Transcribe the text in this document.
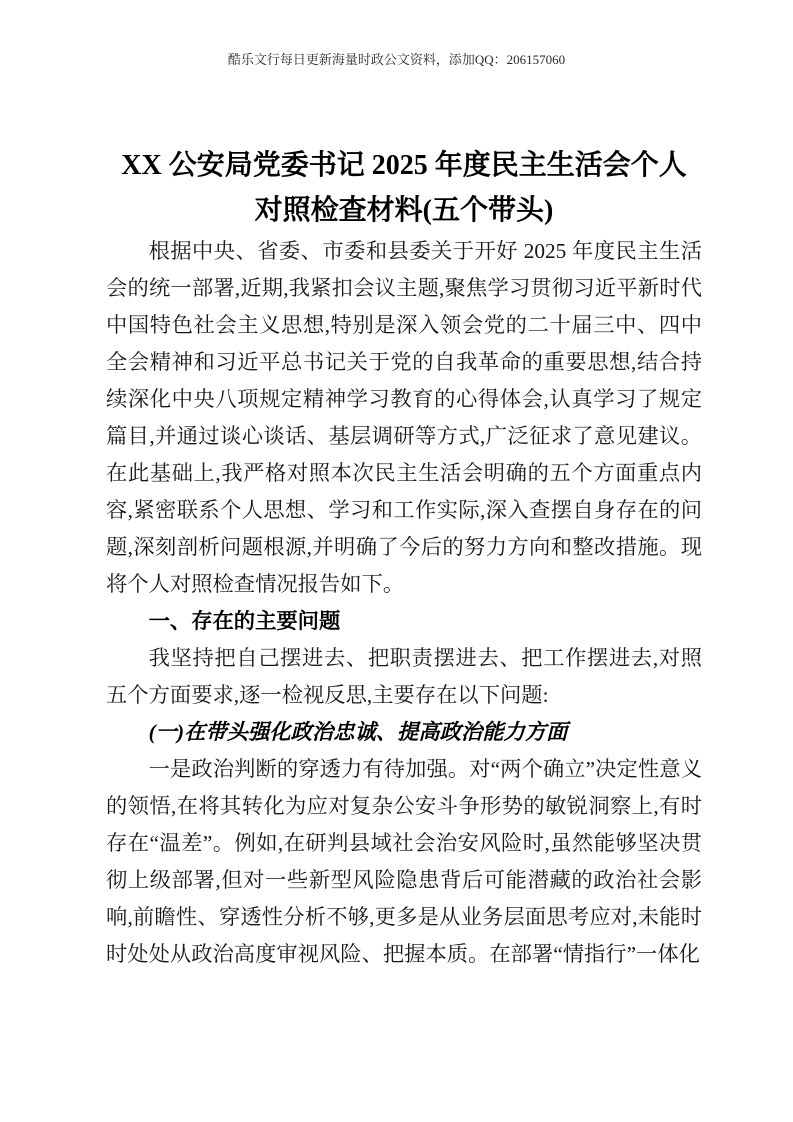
酷乐文行每日更新海量时政公文资料，添加QQ：206157060
XX 公安局党委书记 2025 年度民主生活会个人
对照检查材料(五个带头)

根据中央、省委、市委和县委关于开好 2025 年度民主生活会的统一部署,近期,我紧扣会议主题,聚焦学习贯彻习近平新时代中国特色社会主义思想,特别是深入领会党的二十届三中、四中全会精神和习近平总书记关于党的自我革命的重要思想,结合持续深化中央八项规定精神学习教育的心得体会,认真学习了规定篇目,并通过谈心谈话、基层调研等方式,广泛征求了意见建议。在此基础上,我严格对照本次民主生活会明确的五个方面重点内容,紧密联系个人思想、学习和工作实际,深入查摆自身存在的问题,深刻剖析问题根源,并明确了今后的努力方向和整改措施。现将个人对照检查情况报告如下。

一、存在的主要问题

我坚持把自己摆进去、把职责摆进去、把工作摆进去,对照五个方面要求,逐一检视反思,主要存在以下问题:

(一)在带头强化政治忠诚、提高政治能力方面

一是政治判断的穿透力有待加强。对“两个确立”决定性意义的领悟,在将其转化为应对复杂公安斗争形势的敏锐洞察上,有时存在“温差”。例如,在研判县域社会治安风险时,虽然能够坚决贯彻上级部署,但对一些新型风险隐患背后可能潜藏的政治社会影响,前瞻性、穿透性分析不够,更多是从业务层面思考应对,未能时时处处从政治高度审视风险、把握本质。在部署“情指行”一体化
